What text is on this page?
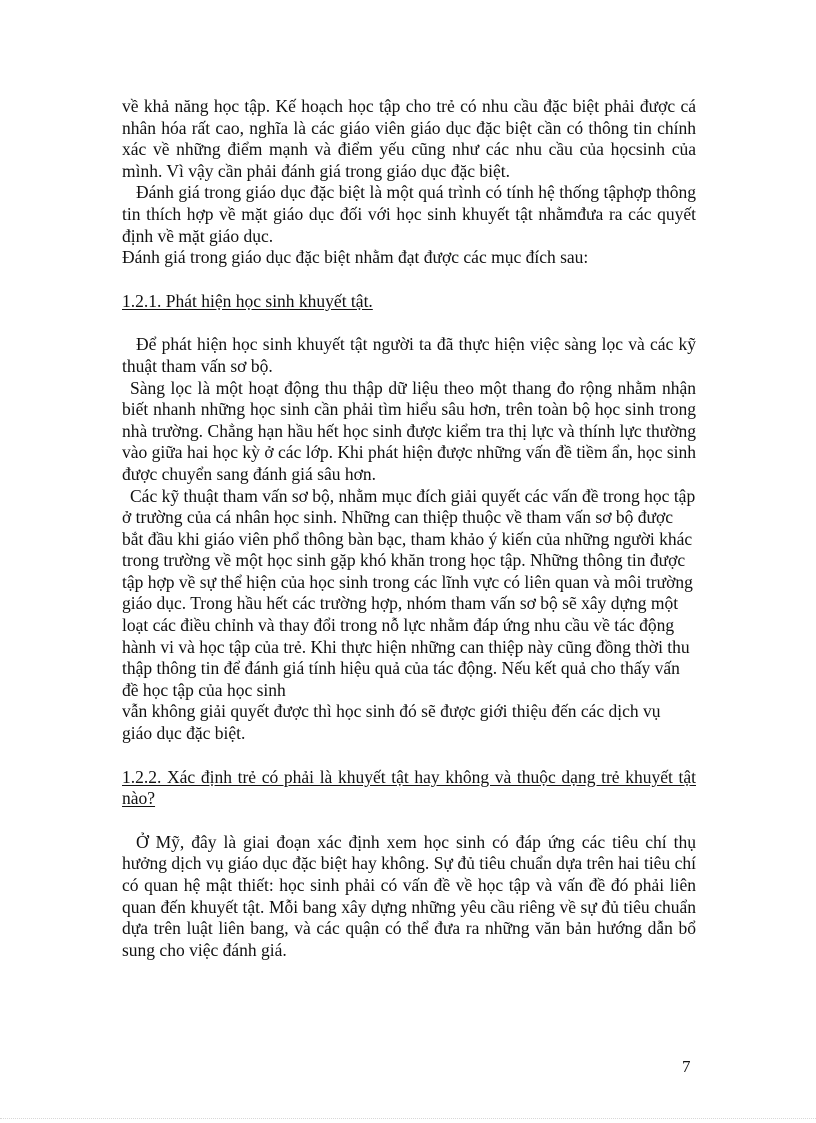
về khả năng học tập. Kế hoạch học tập cho trẻ có nhu cầu đặc biệt phải được cá nhân hóa rất cao, nghĩa là các giáo viên giáo dục đặc biệt cần có thông tin chính xác về những điểm mạnh và điểm yếu cũng như các nhu cầu của họcsinh của mình. Vì vậy cần phải đánh giá trong giáo dục đặc biệt.

Đánh giá trong giáo dục đặc biệt là một quá trình có tính hệ thống tậphợp thông tin thích hợp về mặt giáo dục đối với học sinh khuyết tật nhằmđưa ra các quyết định về mặt giáo dục.

Đánh giá trong giáo dục đặc biệt nhằm đạt được các mục đích sau:

1.2.1. Phát hiện học sinh khuyết tật.

Để phát hiện học sinh khuyết tật người ta đã thực hiện việc sàng lọc và các kỹ thuật tham vấn sơ bộ.

Sàng lọc là một hoạt động thu thập dữ liệu theo một thang đo rộng nhằm nhận biết nhanh những học sinh cần phải tìm hiểu sâu hơn, trên toàn bộ học sinh trong nhà trường. Chẳng hạn hầu hết học sinh được kiểm tra thị lực và thính lực thường vào giữa hai học kỳ ở các lớp. Khi phát hiện được những vấn đề tiềm ẩn, học sinh được chuyển sang đánh giá sâu hơn.

Các kỹ thuật tham vấn sơ bộ, nhằm mục đích giải quyết các vấn đề trong học tập ở trường của cá nhân học sinh. Những can thiệp thuộc về tham vấn sơ bộ được bắt đầu khi giáo viên phổ thông bàn bạc, tham khảo ý kiến của những người khác trong trường về một học sinh gặp khó khăn trong học tập. Những thông tin được tập hợp về sự thể hiện của học sinh trong các lĩnh vực có liên quan và môi trường giáo dục. Trong hầu hết các trường hợp, nhóm tham vấn sơ bộ sẽ xây dựng một loạt các điều chỉnh và thay đổi trong nỗ lực nhằm đáp ứng nhu cầu về tác động hành vi và học tập của trẻ. Khi thực hiện những can thiệp này cũng đồng thời thu thập thông tin để đánh giá tính hiệu quả của tác động. Nếu kết quả cho thấy vấn đề học tập của học sinh

vẫn không giải quyết được thì học sinh đó sẽ được giới thiệu đến các dịch vụ

giáo dục đặc biệt.

1.2.2. Xác định trẻ có phải là khuyết tật hay không và thuộc dạng trẻ khuyết tật nào?

Ở Mỹ, đây là giai đoạn xác định xem học sinh có đáp ứng các tiêu chí thụ hưởng dịch vụ giáo dục đặc biệt hay không. Sự đủ tiêu chuẩn dựa trên hai tiêu chí có quan hệ mật thiết: học sinh phải có vấn đề về học tập và vấn đề đó phải liên quan đến khuyết tật. Mỗi bang xây dựng những yêu cầu riêng về sự đủ tiêu chuẩn dựa trên luật liên bang, và các quận có thể đưa ra những văn bản hướng dẫn bổ sung cho việc đánh giá.

7
